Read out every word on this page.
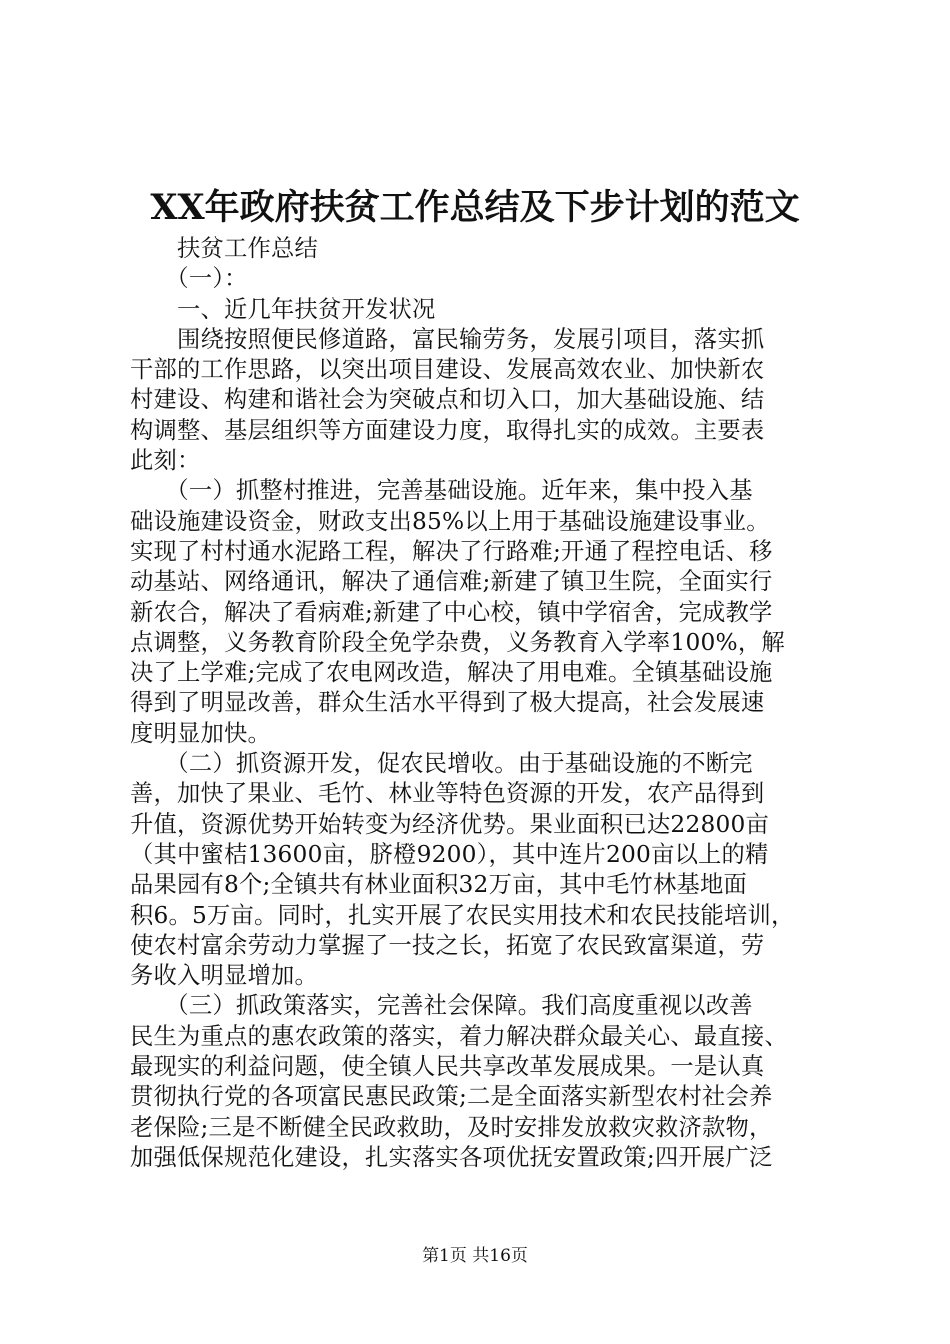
XX年政府扶贫工作总结及下步计划的范文
　　扶贫工作总结
　　（一）：
　　一、近几年扶贫开发状况
　　围绕按照便民修道路，富民输劳务，发展引项目，落实抓
干部的工作思路，以突出项目建设、发展高效农业、加快新农
村建设、构建和谐社会为突破点和切入口，加大基础设施、结
构调整、基层组织等方面建设力度，取得扎实的成效。主要表
此刻：
　　（一）抓整村推进，完善基础设施。近年来，集中投入基
础设施建设资金，财政支出85%以上用于基础设施建设事业。
实现了村村通水泥路工程，解决了行路难;开通了程控电话、移
动基站、网络通讯，解决了通信难;新建了镇卫生院，全面实行
新农合，解决了看病难;新建了中心校，镇中学宿舍，完成教学
点调整，义务教育阶段全免学杂费，义务教育入学率100%，解
决了上学难;完成了农电网改造，解决了用电难。全镇基础设施
得到了明显改善，群众生活水平得到了极大提高，社会发展速
度明显加快。
　　（二）抓资源开发，促农民增收。由于基础设施的不断完
善，加快了果业、毛竹、林业等特色资源的开发，农产品得到
升值，资源优势开始转变为经济优势。果业面积已达22800亩
（其中蜜桔13600亩，脐橙9200），其中连片200亩以上的精
品果园有8个;全镇共有林业面积32万亩，其中毛竹林基地面
积6。5万亩。同时，扎实开展了农民实用技术和农民技能培训，
使农村富余劳动力掌握了一技之长，拓宽了农民致富渠道，劳
务收入明显增加。
　　（三）抓政策落实，完善社会保障。我们高度重视以改善
民生为重点的惠农政策的落实，着力解决群众最关心、最直接、
最现实的利益问题，使全镇人民共享改革发展成果。一是认真
贯彻执行党的各项富民惠民政策;二是全面落实新型农村社会养
老保险;三是不断健全民政救助，及时安排发放救灾救济款物，
加强低保规范化建设，扎实落实各项优抚安置政策;四开展广泛
第1页 共16页
